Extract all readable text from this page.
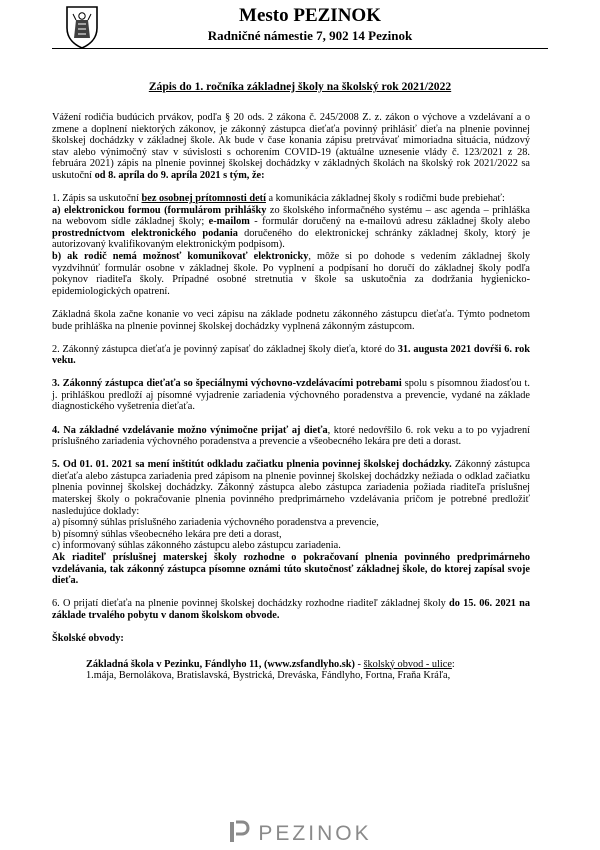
Mesto PEZINOK
Radničné námestie 7, 902 14 Pezinok
Zápis do 1. ročníka základnej školy na školský rok 2021/2022

Vážení rodičia budúcich prvákov, podľa § 20 ods. 2 zákona č. 245/2008 Z. z. zákon o výchove a vzdelávaní a o zmene a doplnení niektorých zákonov, je zákonný zástupca dieťaťa povinný prihlásiť dieťa na plnenie povinnej školskej dochádzky v základnej škole. Ak bude v čase konania zápisu pretrvávať mimoriadna situácia, núdzový stav alebo výnimočný stav v súvislosti s ochorením COVID-19 (aktuálne uznesenie vlády č. 123/2021 z 28. februára 2021) zápis na plnenie povinnej školskej dochádzky v základných školách na školský rok 2021/2022 sa uskutoční od 8. apríla do 9. apríla 2021 s tým, že:

1. Zápis sa uskutoční bez osobnej prítomnosti detí a komunikácia základnej školy s rodičmi bude prebiehať:
a) elektronickou formou (formulárom prihlášky zo školského informačného systému – asc agenda – prihláška na webovom sídle základnej školy; e-mailom - formulár doručený na e-mailovú adresu základnej školy alebo prostredníctvom elektronického podania doručeného do elektronickej schránky základnej školy, ktorý je autorizovaný kvalifikovaným elektronickým podpisom).
b) ak rodič nemá možnosť komunikovať elektronicky, môže si po dohode s vedením základnej školy vyzdvihnúť formulár osobne v základnej škole. Po vyplnení a podpísaní ho doručí do základnej školy podľa pokynov riaditeľa školy. Prípadné osobné stretnutia v škole sa uskutočnia za dodržania hygienicko-epidemiologických opatrení.

Základná škola začne konanie vo veci zápisu na základe podnetu zákonného zástupcu dieťaťa. Týmto podnetom bude prihláška na plnenie povinnej školskej dochádzky vyplnená zákonným zástupcom.

2. Zákonný zástupca dieťaťa je povinný zapísať do základnej školy dieťa, ktoré do 31. augusta 2021 dovŕši 6. rok veku.

3. Zákonný zástupca dieťaťa so špeciálnymi výchovno-vzdelávacími potrebami spolu s písomnou žiadosťou t. j. prihláškou predloží aj písomné vyjadrenie zariadenia výchovného poradenstva a prevencie, vydané na základe diagnostického vyšetrenia dieťaťa.

4. Na základné vzdelávanie možno výnimočne prijať aj dieťa, ktoré nedovŕšilo 6. rok veku a to po vyjadrení príslušného zariadenia výchovného poradenstva a prevencie a všeobecného lekára pre deti a dorast.

5. Od 01. 01. 2021 sa mení inštitút odkladu začiatku plnenia povinnej školskej dochádzky. Zákonný zástupca dieťaťa alebo zástupca zariadenia pred zápisom na plnenie povinnej školskej dochádzky nežiada o odklad začiatku plnenia povinnej školskej dochádzky. Zákonný zástupca alebo zástupca zariadenia požiada riaditeľa príslušnej materskej školy o pokračovanie plnenia povinného predprimárneho vzdelávania pričom je potrebné predložiť nasledujúce doklady:
a) písomný súhlas príslušného zariadenia výchovného poradenstva a prevencie,
b) písomný súhlas všeobecného lekára pre deti a dorast,
c) informovaný súhlas zákonného zástupcu alebo zástupcu zariadenia.
Ak riaditeľ príslušnej materskej školy rozhodne o pokračovaní plnenia povinného predprimárneho vzdelávania, tak zákonný zástupca písomne oznámi túto skutočnosť základnej škole, do ktorej zapísal svoje dieťa.

6. O prijatí dieťaťa na plnenie povinnej školskej dochádzky rozhodne riaditeľ základnej školy do 15. 06. 2021 na základe trvalého pobytu v danom školskom obvode.

Školské obvody:

Základná škola v Pezinku, Fándlyho 11, (www.zsfandlyho.sk) - školský obvod - ulice:
1.mája, Bernolákova, Bratislavská, Bystrická, Dreváska, Fándlyho, Fortna, Fraňa Kráľa,

PEZINOK
